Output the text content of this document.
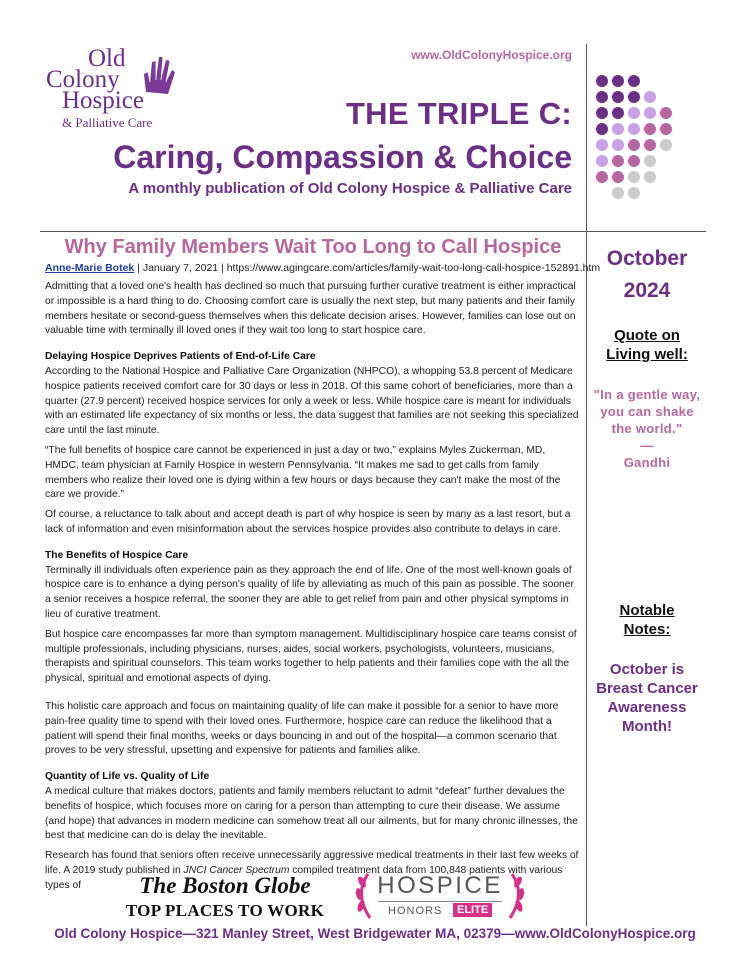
Old
Colony
Hospice
& Palliative Care
www.OldColonyHospice.org
THE TRIPLE C:
Caring, Compassion & Choice
A monthly publication of Old Colony Hospice & Palliative Care
October
2024
Quote on
Living well:
"In a gentle way,
you can shake
the world."
—
Gandhi
Notable
Notes:
October is
Breast Cancer
Awareness
Month!
Why Family Members Wait Too Long to Call Hospice
Anne-Marie Botek | January 7, 2021 | https://www.agingcare.com/articles/family-wait-too-long-call-hospice-152891.htm

Admitting that a loved one's health has declined so much that pursuing further curative treatment is either impractical or impossible is a hard thing to do. Choosing comfort care is usually the next step, but many patients and their family members hesitate or second-guess themselves when this delicate decision arises. However, families can lose out on valuable time with terminally ill loved ones if they wait too long to start hospice care.

Delaying Hospice Deprives Patients of End-of-Life Care

According to the National Hospice and Palliative Care Organization (NHPCO), a whopping 53.8 percent of Medicare hospice patients received comfort care for 30 days or less in 2018. Of this same cohort of beneficiaries, more than a quarter (27.9 percent) received hospice services for only a week or less. While hospice care is meant for individuals with an estimated life expectancy of six months or less, the data suggest that families are not seeking this specialized care until the last minute.

“The full benefits of hospice care cannot be experienced in just a day or two,” explains Myles Zuckerman, MD, HMDC, team physician at Family Hospice in western Pennsylvania. “It makes me sad to get calls from family members who realize their loved one is dying within a few hours or days because they can't make the most of the care we provide.”

Of course, a reluctance to talk about and accept death is part of why hospice is seen by many as a last resort, but a lack of information and even misinformation about the services hospice provides also contribute to delays in care.

The Benefits of Hospice Care

Terminally ill individuals often experience pain as they approach the end of life. One of the most well-known goals of hospice care is to enhance a dying person's quality of life by alleviating as much of this pain as possible. The sooner a senior receives a hospice referral, the sooner they are able to get relief from pain and other physical symptoms in lieu of curative treatment.

But hospice care encompasses far more than symptom management. Multidisciplinary hospice care teams consist of multiple professionals, including physicians, nurses, aides, social workers, psychologists, volunteers, musicians, therapists and spiritual counselors. This team works together to help patients and their families cope with the all the physical, spiritual and emotional aspects of dying.

This holistic care approach and focus on maintaining quality of life can make it possible for a senior to have more pain-free quality time to spend with their loved ones. Furthermore, hospice care can reduce the likelihood that a patient will spend their final months, weeks or days bouncing in and out of the hospital—a common scenario that proves to be very stressful, upsetting and expensive for patients and families alike.

Quantity of Life vs. Quality of Life

A medical culture that makes doctors, patients and family members reluctant to admit “defeat” further devalues the benefits of hospice, which focuses more on caring for a person than attempting to cure their disease. We assume (and hope) that advances in modern medicine can somehow treat all our ailments, but for many chronic illnesses, the best that medicine can do is delay the inevitable.

Research has found that seniors often receive unnecessarily aggressive medical treatments in their last few weeks of life. A 2019 study published in JNCI Cancer Spectrum compiled treatment data from 100,848 patients with various types of	The Boston Globe
TOP PLACES TO WORK
HOSPICE
HONORS	ELITE
Old Colony Hospice—321 Manley Street, West Bridgewater MA, 02379—www.OldColonyHospice.org
